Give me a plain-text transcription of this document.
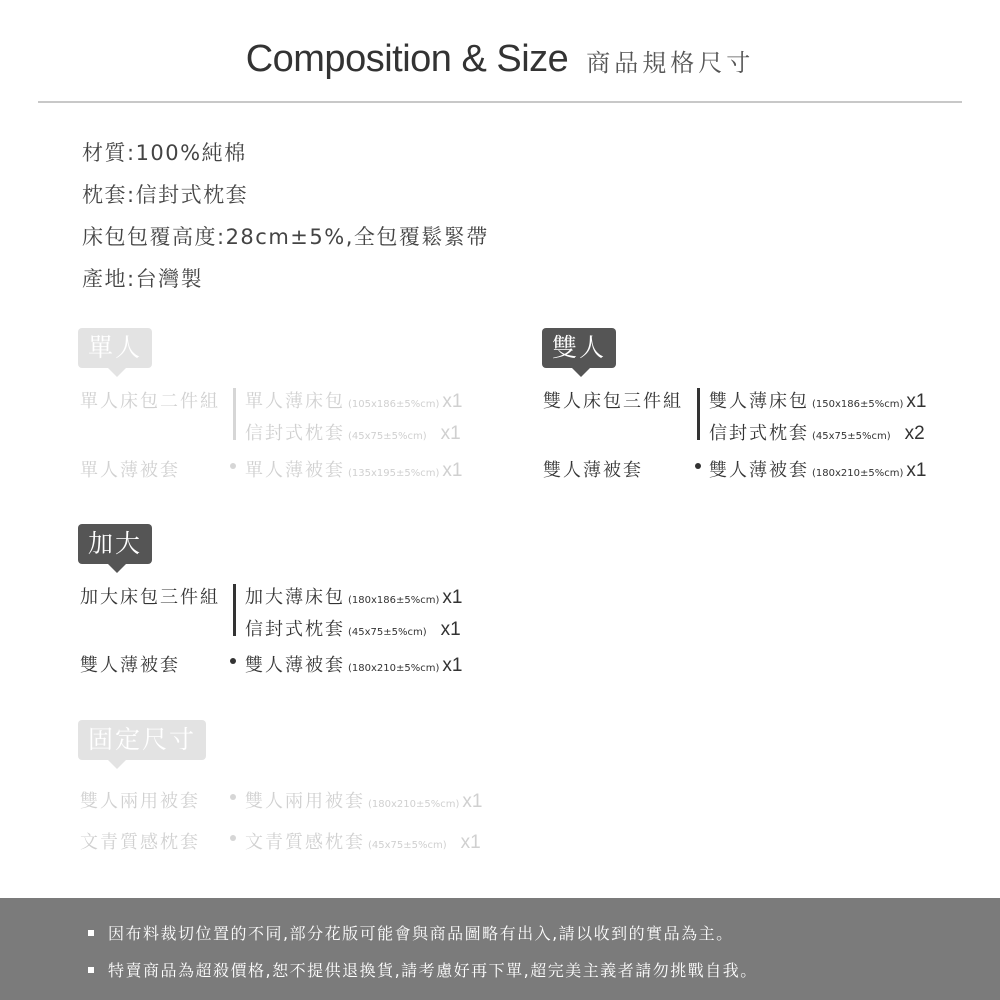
Composition & Size 商品規格尺寸
材質:100%純棉
枕套:信封式枕套
床包包覆高度:28cm±5%,全包覆鬆緊帶
產地:台灣製
單人
單人床包二件組 單人薄床包 (105x186±5%cm) x1
信封式枕套 (45x75±5%cm) x1
單人薄被套	單人薄被套 (135x195±5%cm) x1
雙人
雙人床包三件組 雙人薄床包 (150x186±5%cm) x1
信封式枕套 (45x75±5%cm) x2
雙人薄被套	雙人薄被套 (180x210±5%cm) x1
加大
加大床包三件組 加大薄床包 (180x186±5%cm) x1
信封式枕套 (45x75±5%cm) x1
雙人薄被套	雙人薄被套 (180x210±5%cm) x1
固定尺寸
雙人兩用被套	雙人兩用被套 (180x210±5%cm) x1
文青質感枕套	文青質感枕套 (45x75±5%cm) x1
因布料裁切位置的不同,部分花版可能會與商品圖略有出入,請以收到的實品為主。
特賣商品為超殺價格,恕不提供退換貨,請考慮好再下單,超完美主義者請勿挑戰自我。
